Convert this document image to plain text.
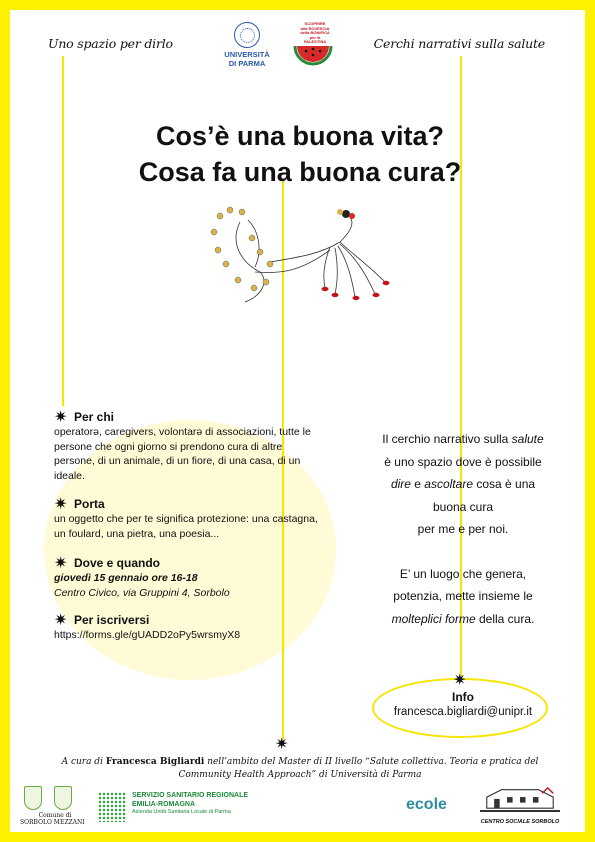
Uno spazio per dirlo	Cerchi narrativi sulla salute
UNIVERSITÀ
DI PARMA
SCOPRIRE
alla ROVESCIA
della BONIFICA
per la PALESTINA
Cos’è una buona vita?
Cosa fa una buona cura?
✷ Per chi

operatorə, caregivers, volontarə di associazioni, tutte le persone che ogni giorno si prendono cura di altre persone, di un animale, di un fiore, di una casa, di un ideale.

✷ Porta

un oggetto che per te significa protezione: una castagna, un foulard, una pietra, una poesia...

✷ Dove e quando

giovedì 15 gennaio ore 16-18

Centro Civico, via Gruppini 4, Sorbolo

✷ Per iscriversi

https://forms.gle/gUADD2oPy5wrsmyX8

Il cerchio narrativo sulla salute
è uno spazio dove è possibile
dire e ascoltare cosa è una
buona cura
per me e per noi.
E’ un luogo che genera,
potenzia, mette insieme le
molteplici forme della cura.
✷
✷
Info
francesca.bigliardi@unipr.it
A cura di Francesca Bigliardi nell’ambito del Master di II livello “Salute collettiva. Teoria e pratica del
Community Health Approach” di Università di Parma
Comune di
SORBOLO MEZZANI
SERVIZIO SANITARIO REGIONALE
EMILIA-ROMAGNA
Azienda Unità Sanitaria Locale di Parma	ecole
CENTRO SOCIALE SORBOLO
